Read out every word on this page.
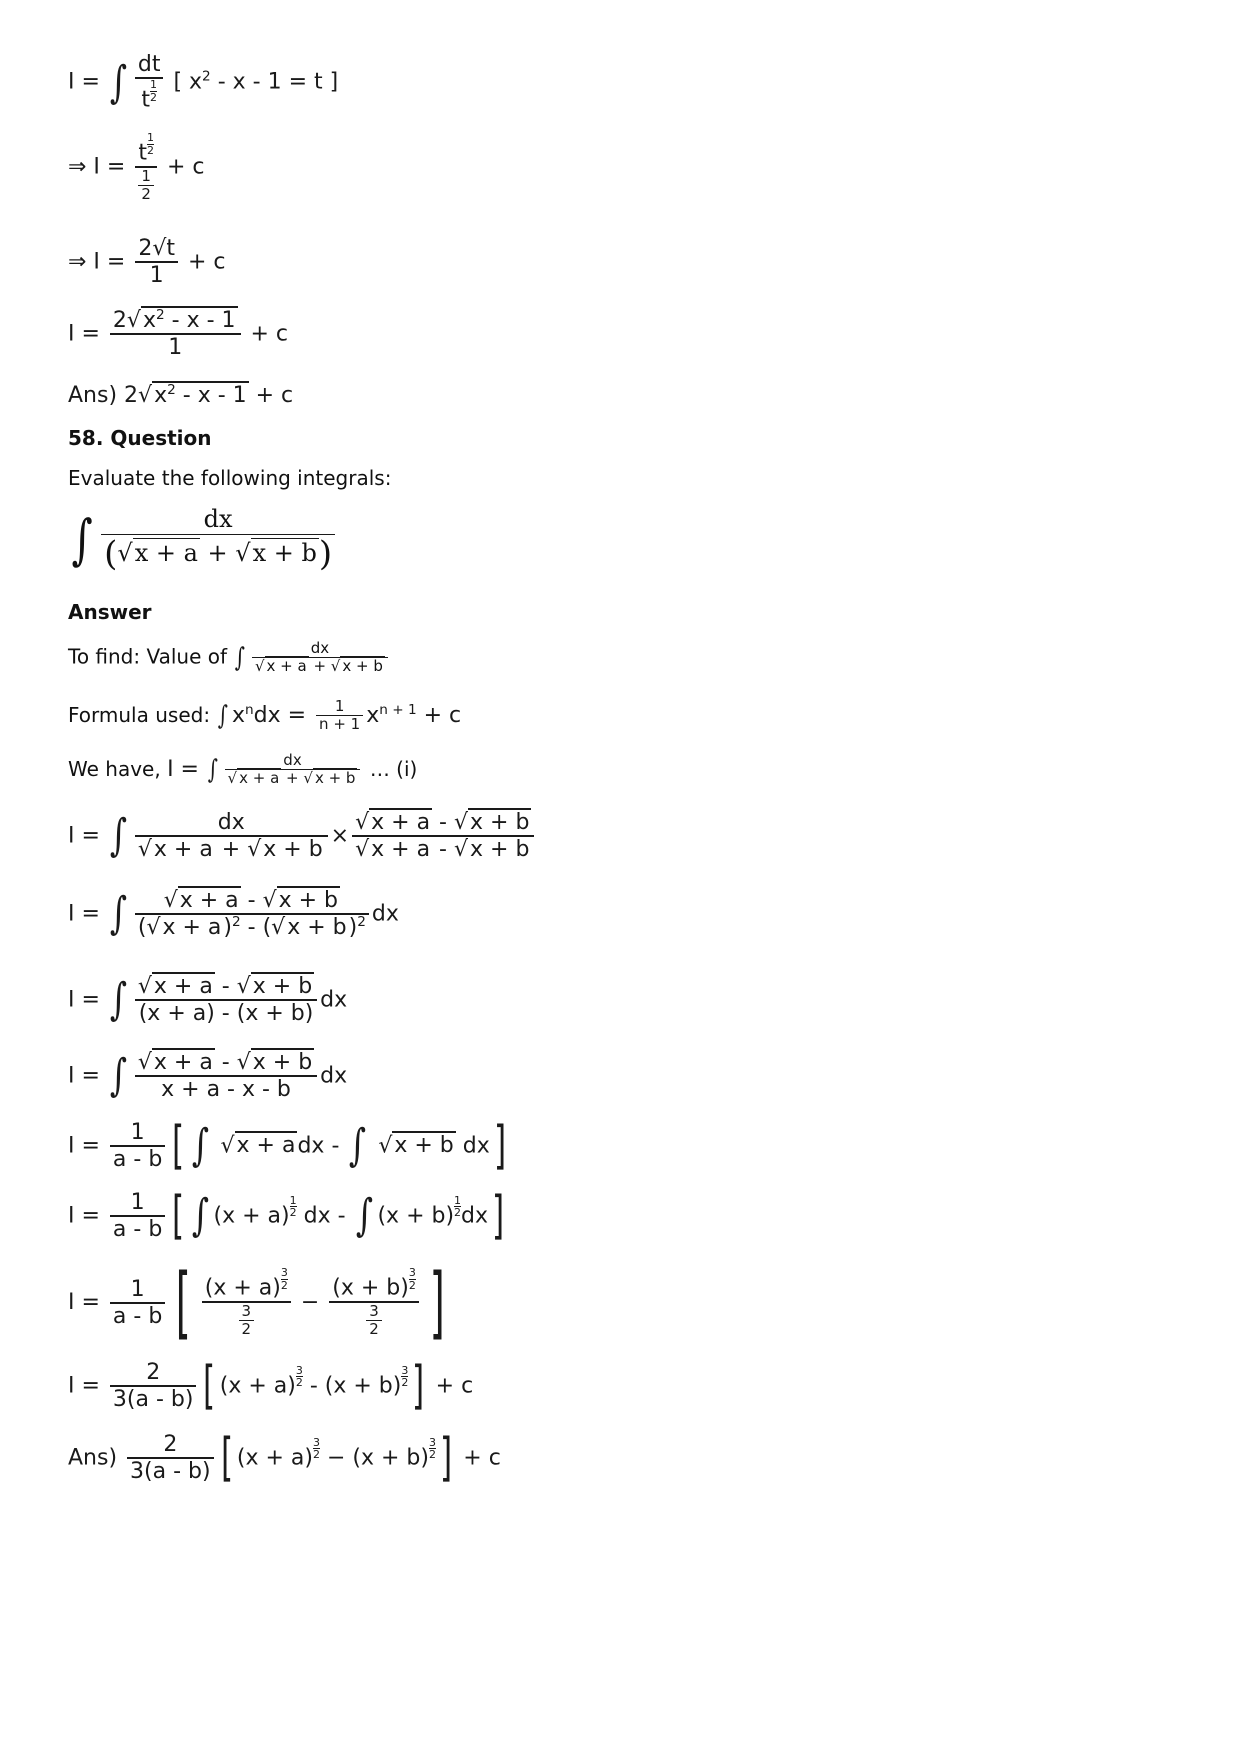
I = ∫ $\frac{dt}{t \frac{1}{2}}$ [ $x^2 - x - 1 = t$ ]
⇒ $I = \frac{t \frac{1}{2}}{\frac{1}{2}} + c$
⇒ $I = \frac{2√t}{1} + c$
$I = \frac{2√x^2 - x - 1}{1} + c$
Ans) $2√x^2 - x - 1 + c$
58. Question
Evaluate the following integrals:
∫ $\frac{dx}{(√x + a + √x + b)}$
Answer
To find: Value of ∫ $\frac{dx}{√ x + a + √ x + b}$
Formula used: ∫ $x^ndx = \frac{1}{n + 1} x^{n + 1} + c$
We have, I = ∫ $\frac{dx}{√ x + a + √ x + b}$ … (i)
I = ∫ $\frac{dx}{√x + a + √x + b} \times \frac{√x + a - √x + b}{√x + a - √x + b}$
I = ∫ $\frac{√x + a - √x + b}{(√x + a)^2 - (√x + b)^2}$ dx
I = ∫ $\frac{√x + a - √x + b}{(x + a) - (x + b)}$ dx
I = ∫ $\frac{√x + a - √x + b}{x + a - x - b}$ dx
$I = \frac{1}{a - b}$ [ ∫ √x + adx - ∫ √x + b dx]
$I = \frac{1}{a - b}$ [ ∫ $(x + a) \frac{1}{2}$ dx - ∫ $(x + b) \frac{1}{2} dx$]
$I = \frac{1}{a - b}$ [ $\frac{(x + a) \frac{3}{2}}{\frac{3}{2}} - \frac{(x + b) \frac{3}{2}}{\frac{3}{2}}$ ]
$I = \frac{2}{3(a - b)}$ [ $(x + a) \frac{3}{2} - (x + b) \frac{3}{2}$ ] + c
$Ans) \frac{2}{3(a - b)}$ [ $(x + a) \frac{3}{2} - (x + b) \frac{3}{2}$ ] + c
